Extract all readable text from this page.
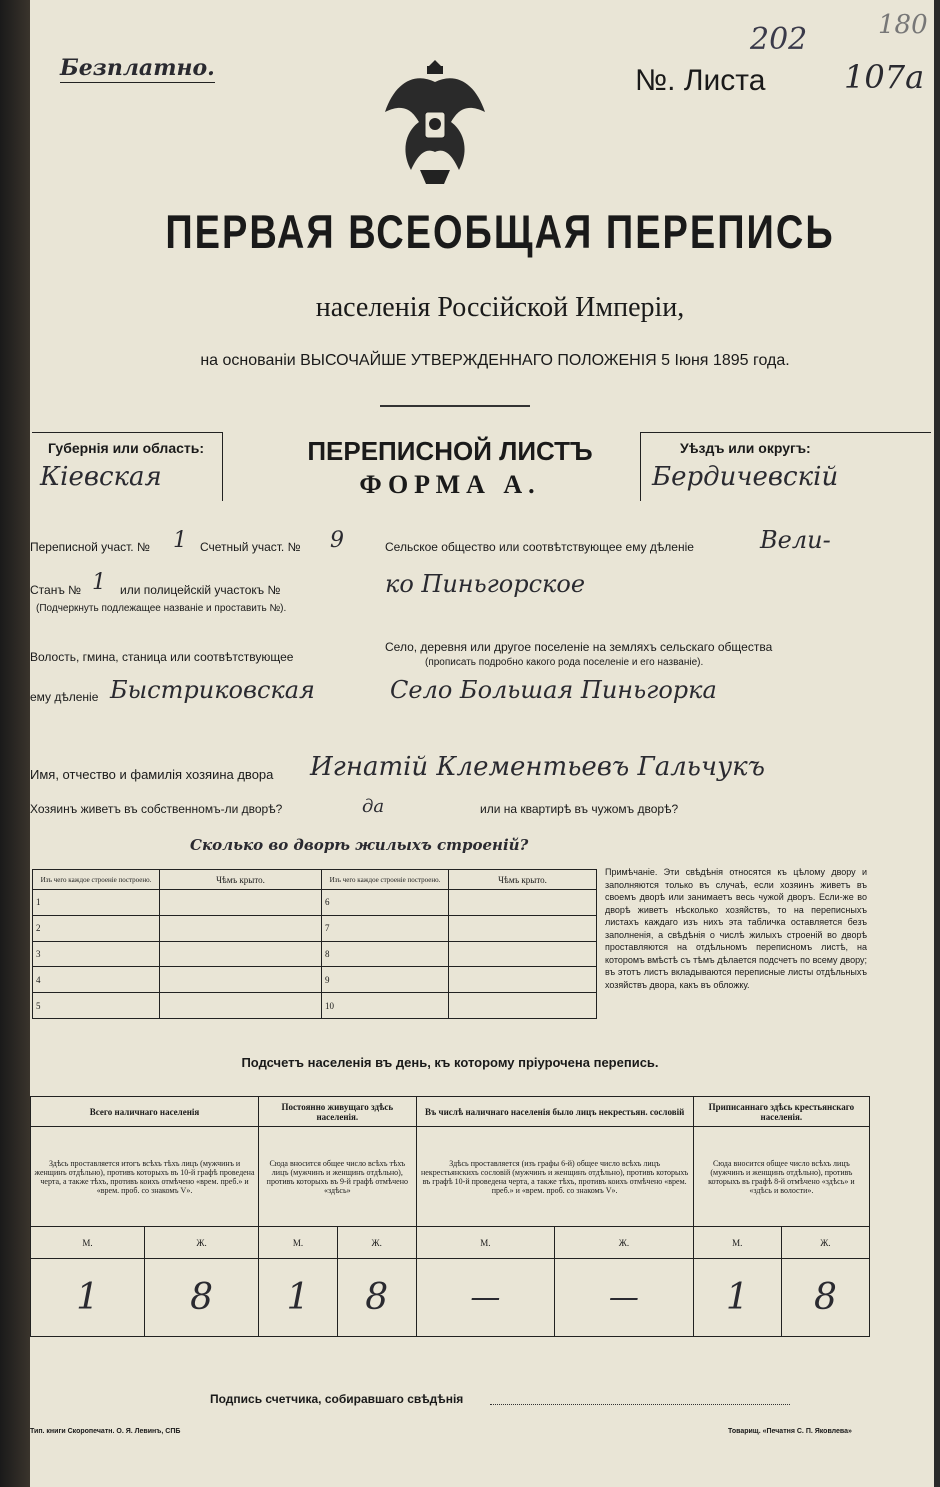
Безплатно.	№. Листа 107а
202	180
ПЕРВАЯ ВСЕОБЩАЯ ПЕРЕПИСЬ
населенія Россійской Имперіи,
на основаніи ВЫСОЧАЙШЕ УТВЕРЖДЕННАГО ПОЛОЖЕНІЯ 5 Іюня 1895 года.
Губернія или область:
Кіевская
ПЕРЕПИСНОЙ ЛИСТЪ
ФОРМА А.
Уѣздъ или округъ:
Бердичевскій
Переписной участ. № 1 Счетный участ. № 9
Станъ № 1 или полицейскій участокъ №
(Подчеркнуть подлежащее названіе и проставить №).
Волость, гмина, станица или соотвѣтствующее
ему дѣленіе Быстриковская
Сельское общество или соотвѣтствующее ему дѣленіе	Вели-
ко Пиньгорское
Село, деревня или другое поселеніе на земляхъ сельскаго общества
(прописать подробно какого рода поселеніе и его названіе).
Село Большая Пиньгорка
Имя, отчество и фамилія хозяина двора Игнатій Клементьевъ Гальчукъ
Хозяинъ живетъ въ собственномъ-ли дворѣ?	да	или на квартирѣ въ чужомъ дворѣ?
Сколько во дворѣ жилыхъ строеній?
Изъ чего каждое строеніе построено.	Чѣмъ крыто.	Изъ чего каждое строеніе построено.	Чѣмъ крыто.
1		6	
2		7	
3		8	
4		9	
5		10	
Примѣчаніе. Эти свѣдѣнія относятся къ цѣлому двору и заполняются только въ случаѣ, если хозяинъ живетъ въ своемъ дворѣ или занимаетъ весь чужой дворъ. Если-же во дворѣ живетъ нѣсколько хозяйствъ, то на переписныхъ листахъ каждаго изъ нихъ эта табличка оставляется безъ заполненія, а свѣдѣнія о числѣ жилыхъ строеній во дворѣ проставляются на отдѣльномъ переписномъ листѣ, на которомъ вмѣстѣ съ тѣмъ дѣлается подсчетъ по всему двору; въ этотъ листъ вкладываются переписные листы отдѣльныхъ хозяйствъ двора, какъ въ обложку.
Подсчетъ населенія въ день, къ которому пріурочена перепись.
Всего наличнаго населенія		Постоянно живущаго здѣсь населенія.		Въ числѣ наличнаго населенія было лицъ некрестьян. сословій		Приписаннаго здѣсь крестьянскаго населенія.	
Здѣсь проставляется итогъ всѣхъ тѣхъ лицъ (мужчинъ и женщинъ отдѣльно), противъ которыхъ въ 10-й графѣ проведена черта, а также тѣхъ, противъ коихъ отмѣчено «врем. преб.» и «врем. проб. со знакомъ V».		Сюда вносится общее число всѣхъ тѣхъ лицъ (мужчинъ и женщинъ отдѣльно), противъ которыхъ въ 9-й графѣ отмѣчено «здѣсь»		Здѣсь проставляется (изъ графы 6-й) общее число всѣхъ лицъ некрестьянскихъ сословій (мужчинъ и женщинъ отдѣльно), противъ которыхъ въ графѣ 10-й проведена черта, а также тѣхъ, противъ коихъ отмѣчено «врем. преб.» и «врем. проб. со знакомъ V».		Сюда вносится общее число всѣхъ лицъ (мужчинъ и женщинъ отдѣльно), противъ которыхъ въ графѣ 8-й отмѣчено «здѣсь» и «здѣсь и волости».	
М.	Ж.	М.	Ж.	М.	Ж.	М.	Ж.
1	8	1	8	—	—	1	8
Подпись счетчика, собиравшаго свѣдѣнія
Тип. книги Скоропечатн. О. Я. Левинъ, СПБ	Товарищ. «Печатня С. П. Яковлева»
